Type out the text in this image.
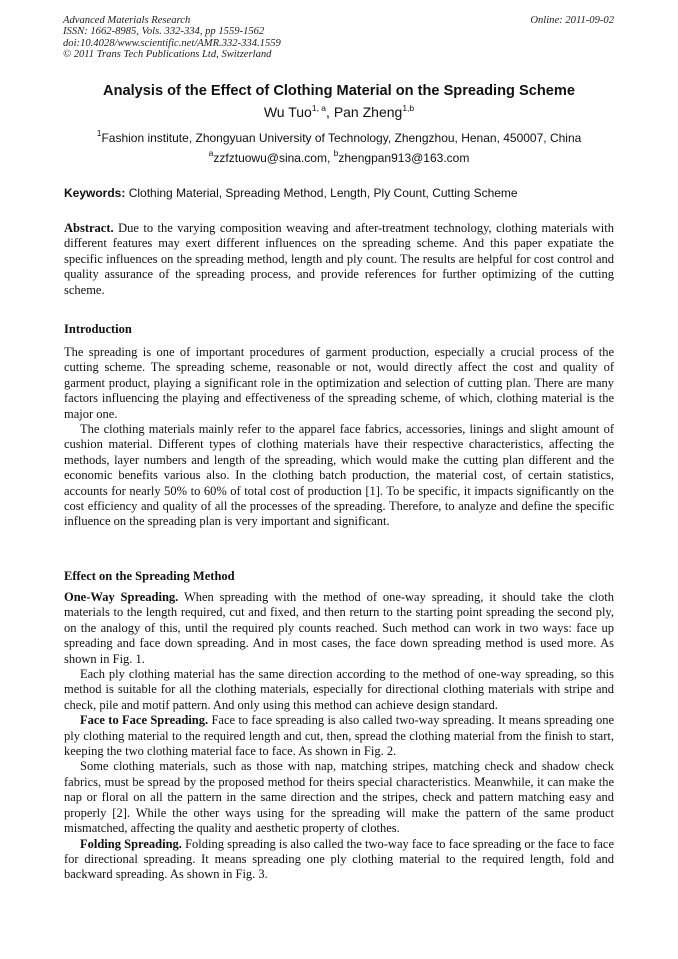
Advanced Materials Research
ISSN: 1662-8985, Vols. 332-334, pp 1559-1562
doi:10.4028/www.scientific.net/AMR.332-334.1559
© 2011 Trans Tech Publications Ltd, Switzerland
Online: 2011-09-02
Analysis of the Effect of Clothing Material on the Spreading Scheme
Wu Tuo$^{1, a}$, Pan Zheng$^{1,b}$
$^1$Fashion institute, Zhongyuan University of Technology, Zhengzhou, Henan, 450007, China
$^a$zzfztuowu@sina.com, $^b$zhengpan913@163.com
Keywords: Clothing Material, Spreading Method, Length, Ply Count, Cutting Scheme

Abstract. Due to the varying composition weaving and after-treatment technology, clothing materials with different features may exert different influences on the spreading scheme. And this paper expatiate the specific influences on the spreading method, length and ply count. The results are helpful for cost control and quality assurance of the spreading process, and provide references for further optimizing of the cutting scheme.

Introduction

The spreading is one of important procedures of garment production, especially a crucial process of the cutting scheme. The spreading scheme, reasonable or not, would directly affect the cost and quality of garment product, playing a significant role in the optimization and selection of cutting plan. There are many factors influencing the playing and effectiveness of the spreading scheme, of which, clothing material is the major one.

The clothing materials mainly refer to the apparel face fabrics, accessories, linings and slight amount of cushion material. Different types of clothing materials have their respective characteristics, affecting the methods, layer numbers and length of the spreading, which would make the cutting plan different and the economic benefits various also. In the clothing batch production, the material cost, of certain statistics, accounts for nearly 50% to 60% of total cost of production [1]. To be specific, it impacts significantly on the cost efficiency and quality of all the processes of the spreading. Therefore, to analyze and define the specific influence on the spreading plan is very important and significant.

Effect on the Spreading Method

One-Way Spreading. When spreading with the method of one-way spreading, it should take the cloth materials to the length required, cut and fixed, and then return to the starting point spreading the second ply, on the analogy of this, until the required ply counts reached. Such method can work in two ways: face up spreading and face down spreading. And in most cases, the face down spreading method is used more. As shown in Fig. 1.

Each ply clothing material has the same direction according to the method of one-way spreading, so this method is suitable for all the clothing materials, especially for directional clothing materials with stripe and check, pile and motif pattern. And only using this method can achieve design standard.

Face to Face Spreading. Face to face spreading is also called two-way spreading. It means spreading one ply clothing material to the required length and cut, then, spread the clothing material from the finish to start, keeping the two clothing material face to face. As shown in Fig. 2.

Some clothing materials, such as those with nap, matching stripes, matching check and shadow check fabrics, must be spread by the proposed method for theirs special characteristics. Meanwhile, it can make the nap or floral on all the pattern in the same direction and the stripes, check and pattern matching easy and properly [2]. While the other ways using for the spreading will make the pattern of the same product mismatched, affecting the quality and aesthetic property of clothes.

Folding Spreading. Folding spreading is also called the two-way face to face spreading or the face to face for directional spreading. It means spreading one ply clothing material to the required length, fold and backward spreading. As shown in Fig. 3.
